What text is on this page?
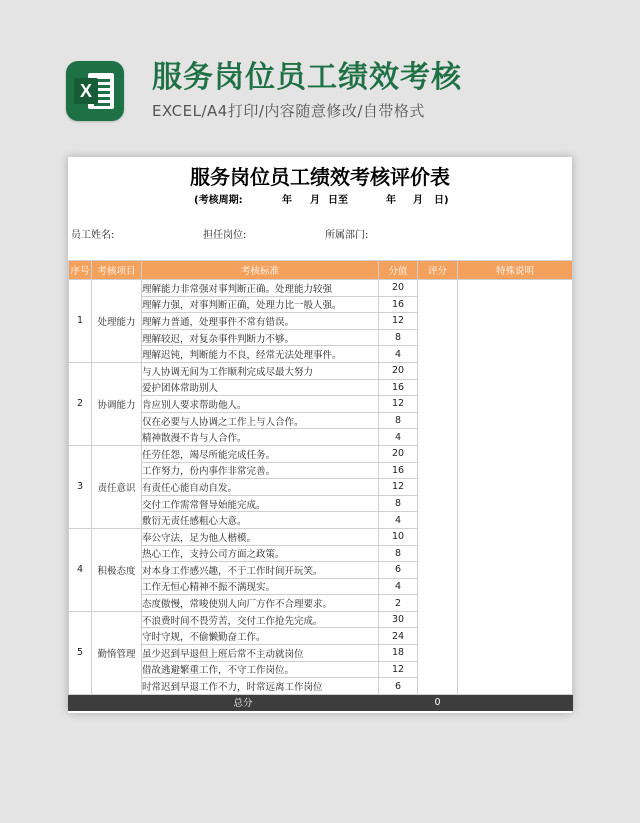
X 服务岗位员工绩效考核
EXCEL/A4打印/内容随意修改/自带格式
服务岗位员工绩效考核评价表
(考核周期:	年 月 日至	年 月 日)
员工姓名:	担任岗位:	所属部门:
序号	考核项目	考核标准	分值	评分	特殊说明
1	处理能力	理解能力非常强对事判断正确。处理能力较强	20		
		理解力强，对事判断正确，处理力比一般人强。	16		
		理解力普通，处理事件不常有错误。	12		
		理解较迟，对复杂事件判断力不够。	8		
		理解迟钝，判断能力不良，经常无法处理事件。	4		
2	协调能力	与人协调无间为工作顺利完成尽最大努力	20		
		爱护团体常助别人	16		
		肯应别人要求帮助他人。	12		
		仅在必要与人协调之工作上与人合作。	8		
		精神散漫不肯与人合作。	4		
3	责任意识	任劳任怨，竭尽所能完成任务。	20		
		工作努力，份内事作非常完善。	16		
		有责任心能自动自发。	12		
		交付工作需常督导始能完成。	8		
		敷衍无责任感粗心大意。	4		
4	积极态度	奉公守法，足为他人楷模。	10		
		热心工作，支持公司方面之政策。	8		
		对本身工作感兴趣，不于工作时间开玩笑。	6		
		工作无恒心精神不振不满现实。	4		
		态度傲慢，常唆使别人向厂方作不合理要求。	2		
5	勤惰管理	不浪费时间不畏劳苦，交付工作抢先完成。	30		
		守时守规，不偷懒勤奋工作。	24		
		虽少迟到早退但上班后常不主动就岗位	18		
		借故逃避繁重工作，不守工作岗位。	12		
		时常迟到早退工作不力，时常远离工作岗位	6		
总分				0	
